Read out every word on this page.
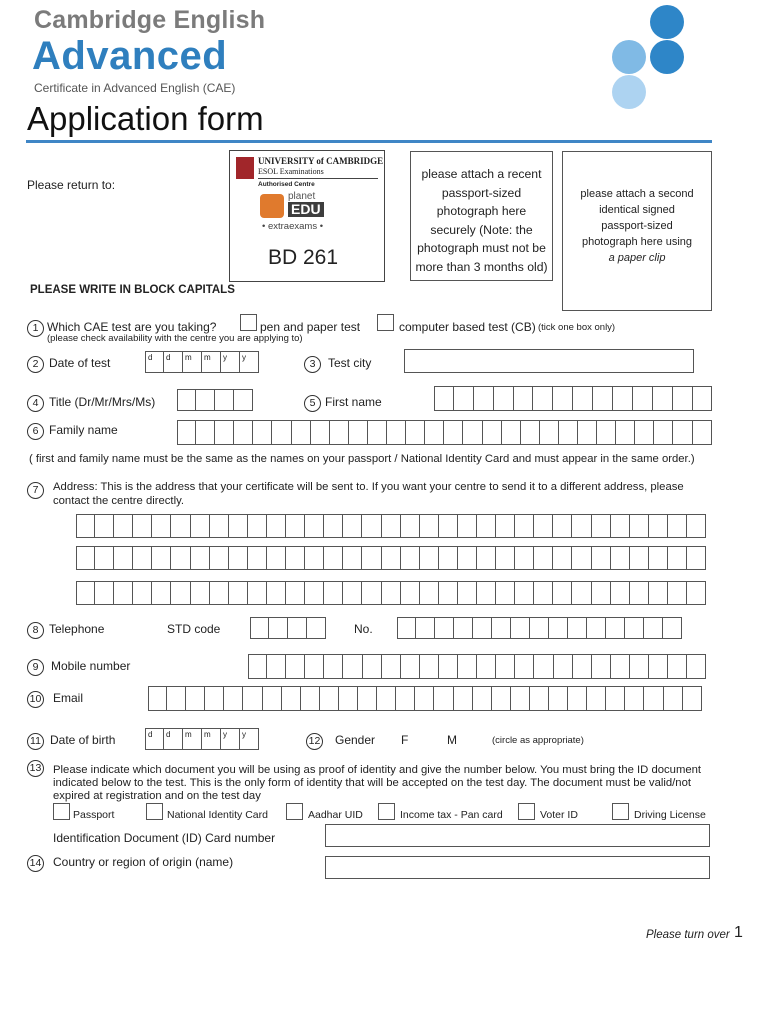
Cambridge English
Advanced
Certificate in Advanced English (CAE)
Application form
Please return to:
UNIVERSITY of CAMBRIDGE
ESOL Examinations
Authorised Centre
planet
EDU
• extraexams •
BD 261
please attach a recent
passport-sized
photograph here
securely (Note: the
photograph must not be
more than 3 months old)
please attach a second
identical signed
passport-sized
photograph here using
a paper clip
PLEASE WRITE IN BLOCK CAPITALS
1 Which CAE test are you taking?	pen and paper test	computer based test (CB) (tick one box only)
(please check availability with the centre you are applying to)
2 Date of test	d	d	m	m	y	y
3	Test city
4 Title (Dr/Mr/Mrs/Ms)	5 First name
6 Family name
( first and family name must be the same as the names on your passport / National Identity Card and must appear in the same order.)
7	Address: This is the address that your certificate will be sent to. If you want your centre to send it to a different address, please
contact the centre directly.
8 Telephone	STD code	No.
9	Mobile number
10 Email
11 Date of birth	d	d	m	m	y	y
12 Gender F	M	(circle as appropriate)
13 Please indicate which document you will be using as proof of identity and give the number below. You must bring the ID document
indicated below to the test. This is the only form of identity that will be accepted on the test day. The document must be valid/not
expired at registration and on the test day
Passport	National Identity Card	Aadhar UID	Income tax - Pan card	Voter ID	Driving License
Identification Document (ID) Card number
14 Country or region of origin (name)
Please turn over 1
